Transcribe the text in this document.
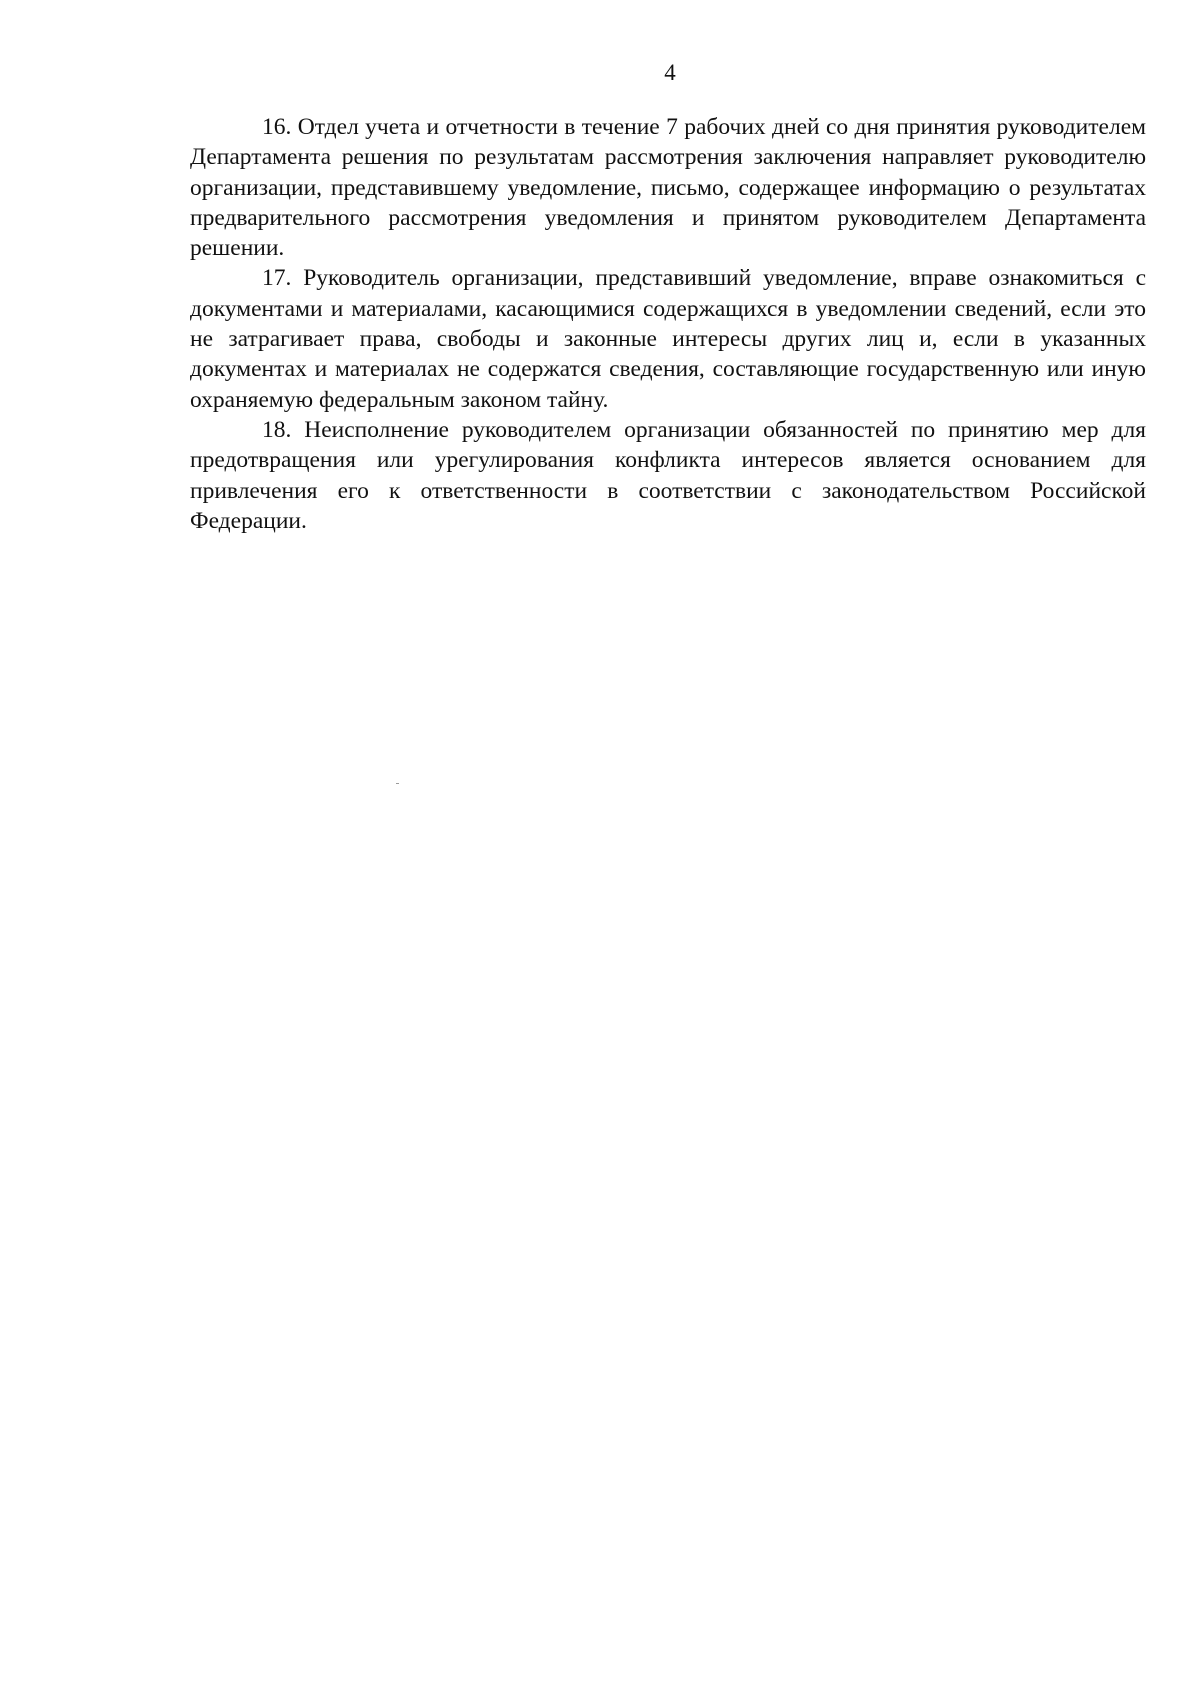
4

16. Отдел учета и отчетности в течение 7 рабочих дней со дня принятия руководителем Департамента решения по результатам рассмотрения заключения направляет руководителю организации, представившему уведомление, письмо, содержащее информацию о результатах предварительного рассмотрения уведомления и принятом руководителем Департамента решении.

17. Руководитель организации, представивший уведомление, вправе ознакомиться с документами и материалами, касающимися содержащихся в уведомлении сведений, если это не затрагивает права, свободы и законные интересы других лиц и, если в указанных документах и материалах не содержатся сведения, составляющие государственную или иную охраняемую федеральным законом тайну.

18. Неисполнение руководителем организации обязанностей по принятию мер для предотвращения или урегулирования конфликта интересов является основанием для привлечения его к ответственности в соответствии с законодательством Российской Федерации.
